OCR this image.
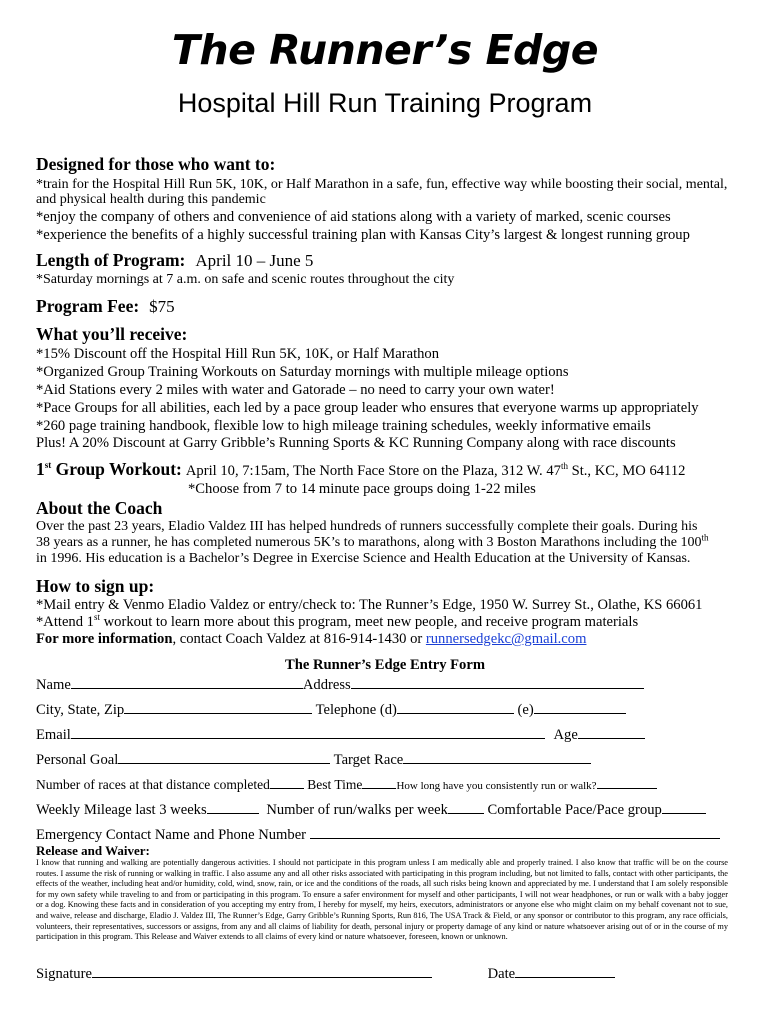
The Runner’s Edge
Hospital Hill Run Training Program
Designed for those who want to:
*train for the Hospital Hill Run 5K, 10K, or Half Marathon in a safe, fun, effective way while boosting their social, mental,
and physical health during this pandemic
*enjoy the company of others and convenience of aid stations along with a variety of marked, scenic courses
*experience the benefits of a highly successful training plan with Kansas City’s largest & longest running group
Length of Program: April 10 – June 5
*Saturday mornings at 7 a.m. on safe and scenic routes throughout the city
Program Fee: $75
What you’ll receive:
*15% Discount off the Hospital Hill Run 5K, 10K, or Half Marathon
*Organized Group Training Workouts on Saturday mornings with multiple mileage options
*Aid Stations every 2 miles with water and Gatorade – no need to carry your own water!
*Pace Groups for all abilities, each led by a pace group leader who ensures that everyone warms up appropriately
*260 page training handbook, flexible low to high mileage training schedules, weekly informative emails
Plus! A 20% Discount at Garry Gribble’s Running Sports & KC Running Company along with race discounts
1st Group Workout: April 10, 7:15am, The North Face Store on the Plaza, 312 W. 47th St., KC, MO 64112
*Choose from 7 to 14 minute pace groups doing 1-22 miles
About the Coach
Over the past 23 years, Eladio Valdez III has helped hundreds of runners successfully complete their goals. During his
38 years as a runner, he has completed numerous 5K’s to marathons, along with 3 Boston Marathons including the 100th
in 1996. His education is a Bachelor’s Degree in Exercise Science and Health Education at the University of Kansas.
How to sign up:
*Mail entry & Venmo Eladio Valdez or entry/check to: The Runner’s Edge, 1950 W. Surrey St., Olathe, KS 66061
*Attend 1st workout to learn more about this program, meet new people, and receive program materials
For more information, contact Coach Valdez at 816-914-1430 or runnersedgekc@gmail.com
The Runner’s Edge Entry Form
Name	Address
City, State, Zip	Telephone (d)	(e)
Email	Age
Personal Goal	Target Race
Number of races at that distance completed	Best Time	How long have you consistently run or walk?
Weekly Mileage last 3 weeks	Number of run/walks per week	Comfortable Pace/Pace group
Emergency Contact Name and Phone Number
Release and Waiver:
I know that running and walking are potentially dangerous activities. I should not participate in this program unless I am medically able and properly trained. I also know that traffic will be on the course routes. I assume the risk of running or walking in traffic. I also assume any and all other risks associated with participating in this program including, but not limited to falls, contact with other participants, the effects of the weather, including heat and/or humidity, cold, wind, snow, rain, or ice and the conditions of the roads, all such risks being known and appreciated by me. I understand that I am solely responsible for my own safety while traveling to and from or participating in this program. To ensure a safer environment for myself and other participants, I will not wear headphones, or run or walk with a baby jogger or a dog. Knowing these facts and in consideration of you accepting my entry from, I hereby for myself, my heirs, executors, administrators or anyone else who might claim on my behalf covenant not to sue, and waive, release and discharge, Eladio J. Valdez III, The Runner’s Edge, Garry Gribble’s Running Sports, Run 816, The USA Track & Field, or any sponsor or contributor to this program, any race officials, volunteers, their representatives, successors or assigns, from any and all claims of liability for death, personal injury or property damage of any kind or nature whatsoever arising out of or in the course of my participation in this program. This Release and Waiver extends to all claims of every kind or nature whatsoever, foreseen, known or unknown.
Signature	Date
